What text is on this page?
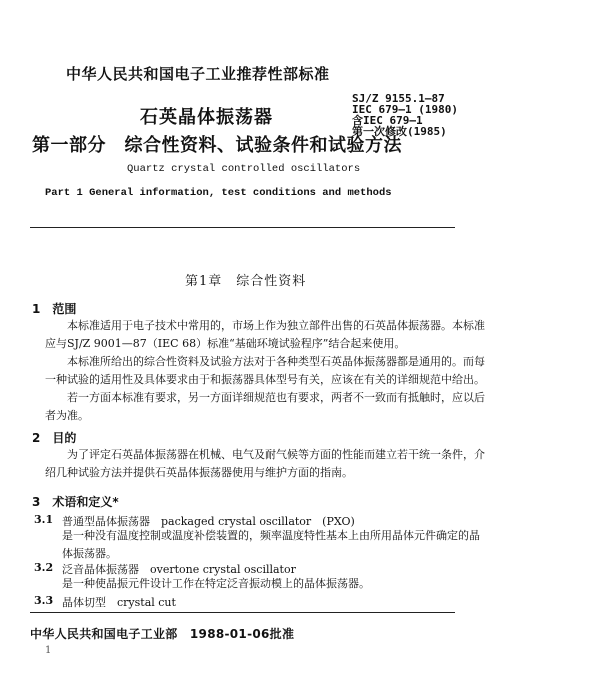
中华人民共和国电子工业推荐性部标准
石英晶体振荡器
第一部分　综合性资料、试验条件和试验方法
SJ/Z 9155.1—87
IEC 679—1 (1980)
含IEC 679—1
第一次修改(1985)
Quartz crystal controlled oscillators
Part 1 General information, test conditions and methods
第1章　综合性资料
1　范围
　　本标准适用于电子技术中常用的，市场上作为独立部件出售的石英晶体振荡器。本标准
应与SJ/Z 9001—87（IEC 68）标准“基础环境试验程序”结合起来使用。
　　本标准所给出的综合性资料及试验方法对于各种类型石英晶体振荡器都是通用的。而每
一种试验的适用性及具体要求由于和振荡器具体型号有关，应该在有关的详细规范中给出。
　　若一方面本标准有要求，另一方面详细规范也有要求，两者不一致而有抵触时，应以后
者为准。
2　目的
　　为了评定石英晶体振荡器在机械、电气及耐气候等方面的性能而建立若干统一条件，介
绍几种试验方法并提供石英晶体振荡器使用与维护方面的指南。
3　术语和定义*
3.1 普通型晶体振荡器　packaged crystal oscillator　(PXO)
是一种没有温度控制或温度补偿装置的，频率温度特性基本上由所用晶体元件确定的晶
体振荡器。
3.2 泛音晶体振荡器　overtone crystal oscillator
是一种使晶振元件设计工作在特定泛音振动模上的晶体振荡器。
3.3 晶体切型　crystal cut
中华人民共和国电子工业部　1988-01-06批准
1
